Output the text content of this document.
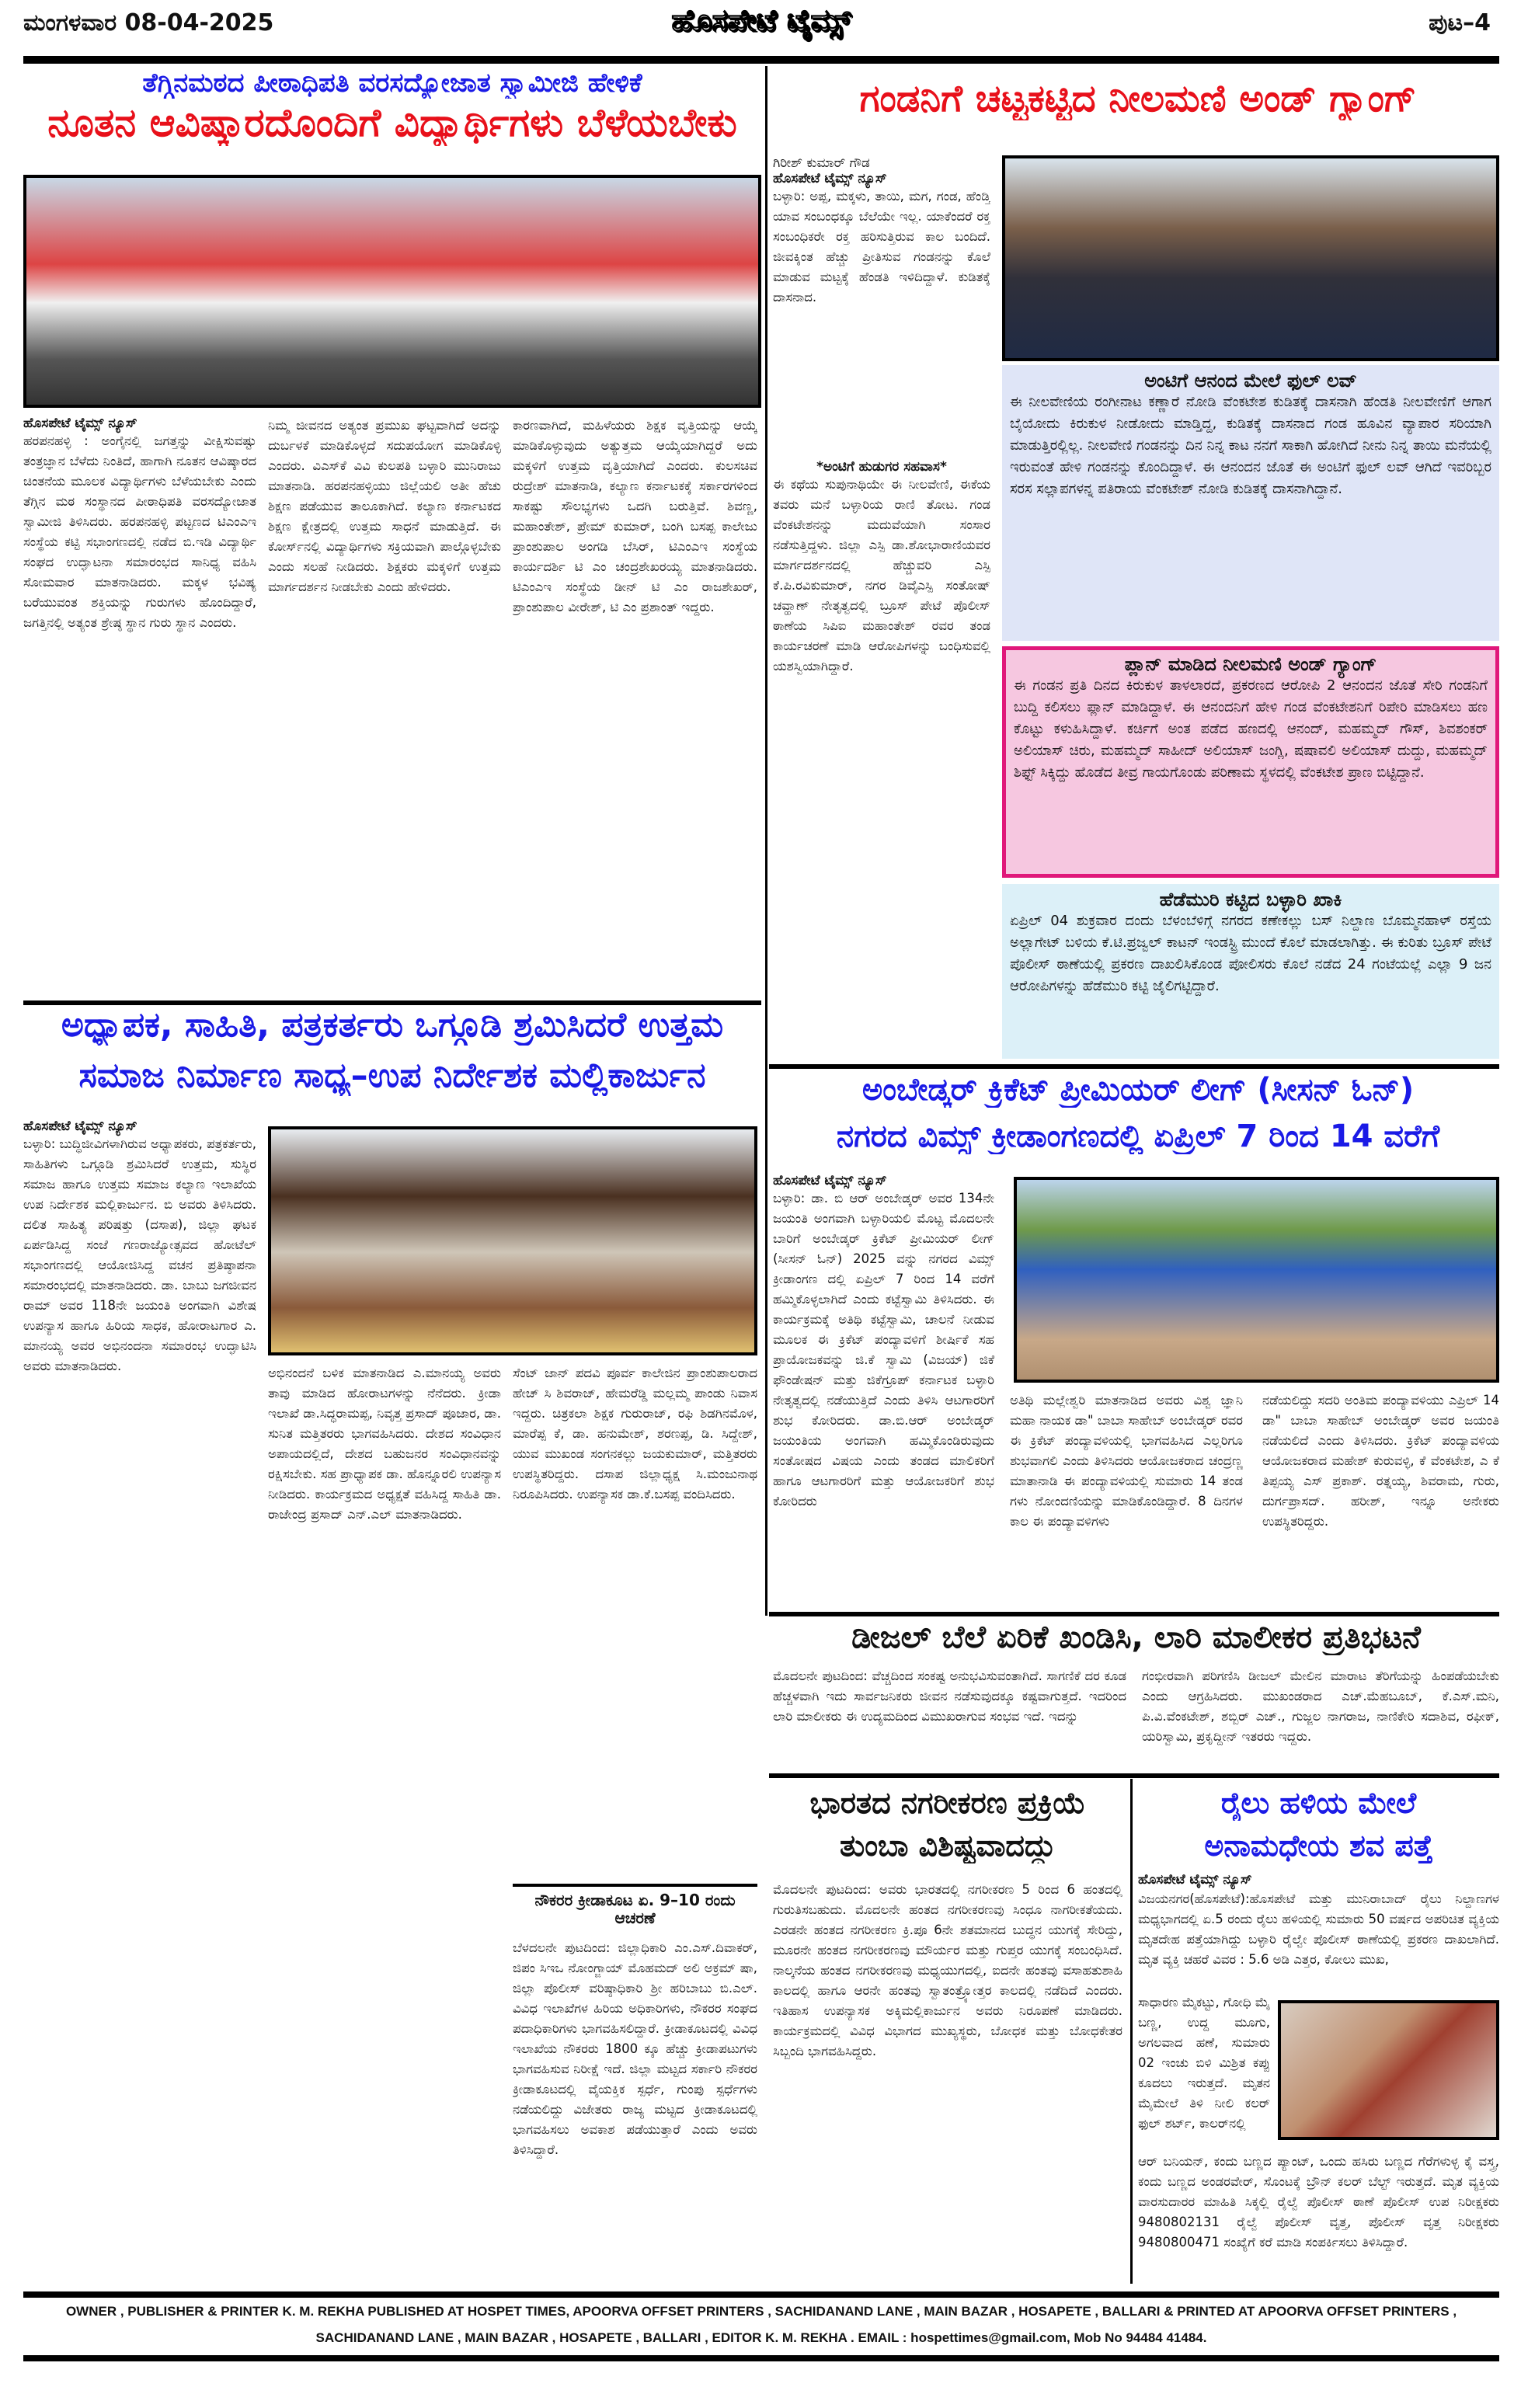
ಮಂಗಳವಾರ 08-04-2025	ಹೊಸಪೇಟೆ ಟೈಮ್ಸ್	ಪುಟ–4
ತೆಗ್ಗಿನಮಠದ ಪೀಠಾಧಿಪತಿ ವರಸದ್ಯೋಜಾತ ಸ್ವಾಮೀಜಿ ಹೇಳಿಕೆ
ನೂತನ ಆವಿಷ್ಕಾರದೊಂದಿಗೆ ವಿದ್ಯಾರ್ಥಿಗಳು ಬೆಳೆಯಬೇಕು
ಹೊಸಪೇಟೆ ಟೈಮ್ಸ್ ನ್ಯೂಸ್
ಹರಪನಹಳ್ಳಿ : ಅಂಗೈನಲ್ಲಿ ಜಗತ್ತನ್ನು ವೀಕ್ಷಿಸುವಷ್ಟು ತಂತ್ರಜ್ಞಾನ ಬೆಳೆದು ನಿಂತಿದೆ, ಹಾಗಾಗಿ ನೂತನ ಆವಿಷ್ಕಾರದ ಚಿಂತನೆಯ ಮೂಲಕ ವಿದ್ಯಾರ್ಥಿಗಳು ಬೆಳೆಯಬೇಕು ಎಂದು ತೆಗ್ಗಿನ ಮಠ ಸಂಸ್ಥಾನದ ಪೀಠಾಧಿಪತಿ ವರಸದ್ಯೋಜಾತ ಸ್ವಾಮೀಜಿ ತಿಳಿಸಿದರು. ಹರಪನಹಳ್ಳಿ ಪಟ್ಟಣದ ಟಿಎಂಎಇ ಸಂಸ್ಥೆಯ ಕಟ್ಟಿ ಸಭಾಂಗಣದಲ್ಲಿ ನಡೆದ ಬಿ.ಇಡಿ ವಿದ್ಯಾರ್ಥಿ ಸಂಘದ ಉದ್ಘಾಟನಾ ಸಮಾರಂಭದ ಸಾನಿಧ್ಯ ವಹಿಸಿ ಸೋಮವಾರ ಮಾತನಾಡಿದರು. ಮಕ್ಕಳ ಭವಿಷ್ಯ ಬರೆಯುವಂತ ಶಕ್ತಿಯನ್ನು ಗುರುಗಳು ಹೊಂದಿದ್ದಾರೆ, ಜಗತ್ತಿನಲ್ಲಿ ಅತ್ಯಂತ ಶ್ರೇಷ್ಠ ಸ್ಥಾನ ಗುರು ಸ್ಥಾನ ಎಂದರು.
ನಿಮ್ಮ ಜೀವನದ ಅತ್ಯಂತ ಪ್ರಮುಖ ಘಟ್ಟವಾಗಿದೆ ಅದನ್ನು ದುರ್ಬಳಕೆ ಮಾಡಿಕೊಳ್ಳದೆ ಸದುಪಯೋಗ ಮಾಡಿಕೊಳ್ಳಿ ಎಂದರು. ವಿಎಸ್‌ಕೆ ವಿವಿ ಕುಲಪತಿ ಬಳ್ಳಾರಿ ಮುನಿರಾಜು ಮಾತನಾಡಿ. ಹರಪನಹಳ್ಳಿಯು ಜಿಲ್ಲೆಯಲಿ ಅತೀ ಹೆಚು ಶಿಕ್ಷಣ ಪಡೆಯುವ ತಾಲೂಕಾಗಿದೆ. ಕಲ್ಯಾಣ ಕರ್ನಾಟಕದ ಶಿಕ್ಷಣ ಕ್ಷೇತ್ರದಲ್ಲಿ ಉತ್ತಮ ಸಾಧನೆ ಮಾಡುತ್ತಿದೆ. ಈ ಕೋರ್ಸ್‌ನಲ್ಲಿ ವಿದ್ಯಾರ್ಥಿಗಳು ಸಕ್ರಿಯವಾಗಿ ಪಾಲ್ಗೊಳ್ಳಬೇಕು ಎಂದು ಸಲಹೆ ನೀಡಿದರು. ಶಿಕ್ಷಕರು ಮಕ್ಕಳಿಗೆ ಉತ್ತಮ ಮಾರ್ಗದರ್ಶನ ನೀಡಬೇಕು ಎಂದು ಹೇಳಿದರು.
ಕಾರಣವಾಗಿದೆ, ಮಹಿಳೆಯರು ಶಿಕ್ಷಕ ವೃತ್ತಿಯನ್ನು ಆಯ್ಕೆ ಮಾಡಿಕೊಳ್ಳುವುದು ಅತ್ಯುತ್ತಮ ಆಯ್ಕೆಯಾಗಿದ್ದರೆ ಅದು ಮಕ್ಕಳಿಗೆ ಉತ್ತಮ ವೃತ್ತಿಯಾಗಿದೆ ಎಂದರು. ಕುಲಸಚಿವ ರುದ್ರೇಶ್ ಮಾತನಾಡಿ, ಕಲ್ಯಾಣ ಕರ್ನಾಟಕಕ್ಕೆ ಸರ್ಕಾರಗಳಿಂದ ಸಾಕಷ್ಟು ಸೌಲಭ್ಯಗಳು ಒದಗಿ ಬರುತ್ತಿವೆ. ಶಿವಣ್ಣ, ಮಹಾಂತೇಶ್, ಪ್ರೇಮ್ ಕುಮಾರ್, ಬಂಗಿ ಬಸಪ್ಪ ಕಾಲೇಜು ಪ್ರಾಂಶುಪಾಲ ಅಂಗಡಿ ಬೆಸಿರ್, ಟಿಎಂಎಇ ಸಂಸ್ಥೆಯ ಕಾರ್ಯದರ್ಶಿ ಟಿ ಎಂ ಚಂದ್ರಶೇಖರಯ್ಯ ಮಾತನಾಡಿದರು. ಟಿಎಂಎಇ ಸಂಸ್ಥೆಯ ಡೀನ್ ಟಿ ಎಂ ರಾಜಶೇಖರ್, ಪ್ರಾಂಶುಪಾಲ ವೀರೇಶ್, ಟಿ ಎಂ ಪ್ರಶಾಂತ್ ಇದ್ದರು.
ಗಂಡನಿಗೆ ಚಟ್ಟಕಟ್ಟಿದ ನೀಲಮಣಿ ಅಂಡ್ ಗ್ಯಾಂಗ್
ಗಿರೀಶ್ ಕುಮಾರ್ ಗೌಡ
ಹೊಸಪೇಟೆ ಟೈಮ್ಸ್ ನ್ಯೂಸ್
ಬಳ್ಳಾರಿ: ಅಪ್ಪ, ಮಕ್ಕಳು, ತಾಯಿ, ಮಗ, ಗಂಡ, ಹೆಂಡ್ತಿ ಯಾವ ಸಂಬಂಧಕ್ಕೂ ಬೆಲೆಯೇ ಇಲ್ಲ. ಯಾಕೆಂದರೆ ರಕ್ತ ಸಂಬಂಧಿಕರೇ ರಕ್ತ ಹರಿಸುತ್ತಿರುವ ಕಾಲ ಬಂದಿದೆ. ಜೀವಕ್ಕಿಂತ ಹೆಚ್ಚು ಪ್ರೀತಿಸುವ ಗಂಡನನ್ನು ಕೊಲೆ ಮಾಡುವ ಮಟ್ಟಕ್ಕೆ ಹೆಂಡತಿ ಇಳಿದಿದ್ದಾಳೆ. ಕುಡಿತಕ್ಕೆ ದಾಸನಾದ.
*ಅಂಟಿಗೆ ಹುಡುಗರ ಸಹವಾಸ*
ಈ ಕಥೆಯ ಸುಪುನಾಥಿಯೇ ಈ ನೀಲವೇಣಿ, ಈಕೆಯ ತವರು ಮನೆ ಬಳ್ಳಾರಿಯ ರಾಣಿ ತೋಟ. ಗಂಡ ವೆಂಕಟೇಶನನ್ನು ಮದುವೆಯಾಗಿ ಸಂಸಾರ ನಡೆಸುತ್ತಿದ್ದಳು. ಜಿಲ್ಲಾ ಎಸ್ಪಿ ಡಾ.ಶೋಭಾರಾಣಿಯವರ ಮಾರ್ಗದರ್ಶನದಲ್ಲಿ ಹೆಚ್ಚುವರಿ ಎಸ್ಪಿ ಕೆ.ಪಿ.ರವಿಕುಮಾರ್, ನಗರ ಡಿವೈಎಸ್ಪಿ ಸಂತೋಷ್ ಚವ್ಹಾಣ್ ನೇತೃತ್ವದಲ್ಲಿ ಬ್ರೂಸ್ ಪೇಟೆ ಪೊಲೀಸ್ ಠಾಣೆಯ ಸಿಪಿಐ ಮಹಾಂತೇಶ್ ರವರ ತಂಡ ಕಾರ್ಯಚರಣೆ ಮಾಡಿ ಆರೋಪಿಗಳನ್ನು ಬಂಧಿಸುವಲ್ಲಿ ಯಶಸ್ವಿಯಾಗಿದ್ದಾರೆ.
ಅಂಟಿಗೆ ಆನಂದ ಮೇಲೆ ಫುಲ್ ಲವ್
ಈ ನೀಲವೇಣಿಯ ರಂಗೀನಾಟ ಕಣ್ಣಾರೆ ನೋಡಿ ವೆಂಕಟೇಶ ಕುಡಿತಕ್ಕೆ ದಾಸನಾಗಿ ಹೆಂಡತಿ ನೀಲವೇಣಿಗೆ ಆಗಾಗ ಬೈಯೋದು ಕಿರುಕುಳ ನೀಡೋದು ಮಾಡ್ತಿದ್ದ, ಕುಡಿತಕ್ಕೆ ದಾಸನಾದ ಗಂಡ ಹೂವಿನ ವ್ಯಾಪಾರ ಸರಿಯಾಗಿ ಮಾಡುತ್ತಿರಲ್ಲಿಲ್ಲ. ನೀಲವೇಣಿ ಗಂಡನನ್ನು ದಿನ ನಿನ್ನ ಕಾಟ ನನಗೆ ಸಾಕಾಗಿ ಹೋಗಿದೆ ನೀನು ನಿನ್ನ ತಾಯಿ ಮನೆಯಲ್ಲಿ ಇರುವಂತೆ ಹೇಳಿ ಗಂಡನನ್ನು ಕೊಂದಿದ್ದಾಳೆ. ಈ ಆನಂದನ ಜೊತೆ ಈ ಅಂಟಿಗೆ ಫುಲ್ ಲವ್ ಆಗಿದೆ ಇವರಿಬ್ಬರ ಸರಸ ಸಲ್ಲಾಪಗಳನ್ನ ಪತಿರಾಯ ವೆಂಕಟೇಶ್ ನೋಡಿ ಕುಡಿತಕ್ಕೆ ದಾಸನಾಗಿದ್ದಾನೆ.
ಪ್ಲಾನ್ ಮಾಡಿದ ನೀಲಮಣಿ ಅಂಡ್ ಗ್ಯಾಂಗ್
ಈ ಗಂಡನ ಪ್ರತಿ ದಿನದ ಕಿರುಕುಳ ತಾಳಲಾರದೆ, ಪ್ರಕರಣದ ಆರೋಪಿ 2 ಆನಂದನ ಜೊತೆ ಸೇರಿ ಗಂಡನಿಗೆ ಬುದ್ದಿ ಕಲಿಸಲು ಪ್ಲಾನ್ ಮಾಡಿದ್ದಾಳೆ. ಈ ಆನಂದನಿಗೆ ಹೇಳಿ ಗಂಡ ವೆಂಕಟೇಶನಿಗೆ ರಿಪೇರಿ ಮಾಡಿಸಲು ಹಣ ಕೊಟ್ಟು ಕಳುಹಿಸಿದ್ದಾಳೆ. ಕರ್ಚಿಗೆ ಅಂತ ಪಡೆದ ಹಣದಲ್ಲಿ ಆನಂದ್, ಮಹಮ್ಮದ್ ಗೌಸ್, ಶಿವಶಂಕರ್ ಅಲಿಯಾಸ್ ಚಿರು, ಮಹಮ್ಮದ್ ಸಾಹೀದ್ ಅಲಿಯಾಸ್ ಜಂಗ್ಲಿ, ಷಷಾವಲಿ ಅಲಿಯಾಸ್ ದುದ್ದು, ಮಹಮ್ಮದ್ ಶಿಫ್ಟ್ ಸಿಕ್ಕಿದ್ದು ಹೊಡೆದ ತೀವ್ರ ಗಾಯಗೊಂಡು ಪರಿಣಾಮ ಸ್ಥಳದಲ್ಲಿ ವೆಂಕಟೇಶ ಪ್ರಾಣ ಬಿಟ್ಟಿದ್ದಾನೆ.
ಹೆಡೆಮುರಿ ಕಟ್ಟಿದ ಬಳ್ಳಾರಿ ಖಾಕಿ
ಏಪ್ರಿಲ್ 04 ಶುಕ್ರವಾರ ದಂದು ಬೆಳಂಬೆಳಿಗ್ಗೆ ನಗರದ ಕಣೇಕಲ್ಲು ಬಸ್ ನಿಲ್ದಾಣ ಬೊಮ್ಮನಹಾಳ್ ರಸ್ತೆಯ ಅಲ್ಲಾಗೇಟ್ ಬಳಿಯ ಕೆ.ಟಿ.ಪ್ರಜ್ವಲ್ ಕಾಟನ್ ಇಂಡಸ್ಟ್ರಿ ಮುಂದೆ ಕೊಲೆ ಮಾಡಲಾಗಿತ್ತು. ಈ ಕುರಿತು ಬ್ರೂಸ್ ಪೇಟೆ ಪೊಲೀಸ್ ಠಾಣೆಯಲ್ಲಿ ಪ್ರಕರಣ ದಾಖಲಿಸಿಕೊಂಡ ಪೋಲಿಸರು ಕೊಲೆ ನಡೆದ 24 ಗಂಟೆಯಲ್ಲೆ ಎಲ್ಲಾ 9 ಜನ ಆರೋಪಿಗಳನ್ನು ಹೆಡೆಮುರಿ ಕಟ್ಟಿ ಜೈಲಿಗಟ್ಟಿದ್ದಾರೆ.
ಅಂಬೇಡ್ಕರ್ ಕ್ರಿಕೆಟ್ ಪ್ರೀಮಿಯರ್ ಲೀಗ್ (ಸೀಸನ್ ಓನ್)
ನಗರದ ವಿಮ್ಸ್ ಕ್ರೀಡಾಂಗಣದಲ್ಲಿ ಏಪ್ರಿಲ್ 7 ರಿಂದ 14 ವರೆಗೆ
ಹೊಸಪೇಟೆ ಟೈಮ್ಸ್ ನ್ಯೂಸ್
ಬಳ್ಳಾರಿ: ಡಾ. ಬಿ ಆರ್ ಅಂಬೇಡ್ಕರ್ ಅವರ 134ನೇ ಜಯಂತಿ ಅಂಗವಾಗಿ ಬಳ್ಳಾರಿಯಲಿ ಮೊಟ್ಟ ಮೊದಲನೇ ಬಾರಿಗೆ ಅಂಬೇಡ್ಕರ್ ಕ್ರಿಕೆಟ್ ಪ್ರೀಮಿಯರ್ ಲೀಗ್ (ಸೀಸನ್ ಓನ್) 2025 ವನ್ನು ನಗರದ ವಿಮ್ಸ್ ಕ್ರೀಡಾಂಗಣ ದಲ್ಲಿ ಏಪ್ರಿಲ್ 7 ರಿಂದ 14 ವರೆಗೆ ಹಮ್ಮಿಕೊಳ್ಳಲಾಗಿದೆ ಎಂದು ಕಟ್ಟೆಸ್ವಾಮಿ ತಿಳಿಸಿದರು. ಈ ಕಾರ್ಯಕ್ರಮಕ್ಕೆ ಅತಿಥಿ ಕಟ್ಟೆಸ್ವಾಮಿ, ಚಾಲನೆ ನೀಡುವ ಮೂಲಕ ಈ ಕ್ರಿಕೆಟ್ ಪಂದ್ಯಾವಳಿಗೆ ಶೀರ್ಷಿಕೆ ಸಹ ಪ್ರಾಯೋಜಕವನ್ನು ಜಿ.ಕೆ ಸ್ವಾಮಿ (ವಿಜಯ್) ಜಿಕೆ ಫೌಂಡೇಷನ್ ಮತ್ತು ಜಿಕೆಗ್ರೂಪ್ ಕರ್ನಾಟಕ ಬಳ್ಳಾರಿ ನೇತೃತ್ವದಲ್ಲಿ ನಡೆಯುತ್ತಿದೆ ಎಂದು ತಿಳಿಸಿ ಆಟಗಾರರಿಗೆ ಶುಭ ಕೋರಿದರು. ಡಾ.ಬಿ.ಆರ್ ಅಂಬೇಡ್ಕರ್ ಜಯಂತಿಯ ಅಂಗವಾಗಿ ಹಮ್ಮಿಕೊಂಡಿರುವುದು ಸಂತೋಷದ ವಿಷಯ ಎಂದು ತಂಡದ ಮಾಲಿಕರಿಗೆ ಹಾಗೂ ಆಟಗಾರರಿಗೆ ಮತ್ತು ಆಯೋಜಕರಿಗೆ ಶುಭ ಕೋರಿದರು
ಅತಿಥಿ ಮಲ್ಲೇಶ್ವರಿ ಮಾತನಾಡಿದ ಅವರು ವಿಶ್ವ ಜ್ಞಾನಿ ಮಹಾ ನಾಯಕ ಡಾ" ಬಾಬಾ ಸಾಹೇಬ್ ಅಂಬೇಡ್ಕರ್ ರವರ ಈ ಕ್ರಿಕೆಟ್ ಪಂದ್ಯಾವಳಿಯಲ್ಲಿ ಭಾಗವಹಿಸಿದ ಎಲ್ಲರಿಗೂ ಶುಭವಾಗಲಿ ಎಂದು ತಿಳಿಸಿದರು ಆಯೋಜಕರಾದ ಚಂದ್ರಣ್ಣ ಮಾತಾನಾಡಿ ಈ ಪಂದ್ಯಾವಳಿಯಲ್ಲಿ ಸುಮಾರು 14 ತಂಡ ಗಳು ನೋಂದಣಿಯನ್ನು ಮಾಡಿಕೊಂಡಿದ್ದಾರೆ. 8 ದಿನಗಳ ಕಾಲ ಈ ಪಂದ್ಯಾವಳಿಗಳು
ನಡೆಯಲಿದ್ದು ಸದರಿ ಅಂತಿಮ ಪಂದ್ಯಾವಳಿಯು ಎಪ್ರಿಲ್ 14 ಡಾ" ಬಾಬಾ ಸಾಹೇಬ್ ಅಂಬೇಡ್ಕರ್ ಅವರ ಜಯಂತಿ ನಡೆಯಲಿದೆ ಎಂದು ತಿಳಿಸಿದರು. ಕ್ರಿಕೆಟ್ ಪಂದ್ಯಾವಳಿಯ ಆಯೋಜಕರಾದ ಮಹೇಶ್ ಕುರುವಳ್ಳಿ, ಕೆ ವೆಂಕಟೇಶ, ಎ ಕೆ ತಿಪ್ಪಯ್ಯ ಎಸ್ ಪ್ರಕಾಶ್. ರತ್ನಯ್ಯ, ಶಿವರಾಮ, ಗುರು, ದುರ್ಗಪ್ರಾಸದ್. ಹರೀಶ್, ಇನ್ನೂ ಅನೇಕರು ಉಪಸ್ಥಿತರಿದ್ದರು.
ಅಧ್ಯಾಪಕ, ಸಾಹಿತಿ, ಪತ್ರಕರ್ತರು ಒಗ್ಗೂಡಿ ಶ್ರಮಿಸಿದರೆ ಉತ್ತಮ
ಸಮಾಜ ನಿರ್ಮಾಣ ಸಾಧ್ಯ–ಉಪ ನಿರ್ದೇಶಕ ಮಲ್ಲಿಕಾರ್ಜುನ
ಹೊಸಪೇಟೆ ಟೈಮ್ಸ್ ನ್ಯೂಸ್
ಬಳ್ಳಾರಿ: ಬುದ್ಧಿಜೀವಿಗಳಾಗಿರುವ ಅಧ್ಯಾಪಕರು, ಪತ್ರಕರ್ತರು, ಸಾಹಿತಿಗಳು ಒಗ್ಗೂಡಿ ಶ್ರಮಿಸಿದರೆ ಉತ್ತಮ, ಸುಸ್ಥಿರ ಸಮಾಜ ಹಾಗೂ ಉತ್ತಮ ಸಮಾಜ ಕಲ್ಯಾಣ ಇಲಾಖೆಯ ಉಪ ನಿರ್ದೇಶಕ ಮಲ್ಲಿಕಾರ್ಜುನ. ಬಿ ಅವರು ತಿಳಿಸಿದರು. ದಲಿತ ಸಾಹಿತ್ಯ ಪರಿಷತ್ತು (ದಸಾಪ), ಜಿಲ್ಲಾ ಘಟಕ ಏರ್ಪಡಿಸಿದ್ದ ಸಂಜೆ ಗಣರಾಜ್ಯೋತ್ಸವದ ಹೋಟೆಲ್ ಸಭಾಂಗಣದಲ್ಲಿ ಆಯೋಜಿಸಿದ್ದ ವಚನ ಪ್ರತಿಷ್ಠಾಪನಾ ಸಮಾರಂಭದಲ್ಲಿ ಮಾತನಾಡಿದರು. ಡಾ. ಬಾಬು ಜಗಜೀವನ ರಾಮ್ ಅವರ 118ನೇ ಜಯಂತಿ ಅಂಗವಾಗಿ ವಿಶೇಷ ಉಪನ್ಯಾಸ ಹಾಗೂ ಹಿರಿಯ ಸಾಧಕ, ಹೋರಾಟಗಾರ ಎ. ಮಾನಯ್ಯ ಅವರ ಅಭಿನಂದನಾ ಸಮಾರಂಭ ಉದ್ಘಾಟಿಸಿ ಅವರು ಮಾತನಾಡಿದರು.	ಅಭಿನಂದನೆ ಬಳಿಕ ಮಾತನಾಡಿದ ಎ.ಮಾನಯ್ಯ ಅವರು ತಾವು ಮಾಡಿದ ಹೋರಾಟಗಳನ್ನು ನೆನೆದರು. ಕ್ರೀಡಾ ಇಲಾಖೆ ಡಾ.ಸಿದ್ಧರಾಮಪ್ಪ, ನಿವೃತ್ತ ಪ್ರಸಾದ್ ಪೂಜಾರ, ಡಾ. ಸುನಿತ ಮತ್ತಿತರರು ಭಾಗವಹಿಸಿದರು. ದೇಶದ ಸಂವಿಧಾನ ಅಪಾಯದಲ್ಲಿದೆ, ದೇಶದ ಬಹುಜನರ ಸಂವಿಧಾನವನ್ನು ರಕ್ಷಿಸಬೇಕು. ಸಹ ಪ್ರಾಧ್ಯಾಪಕ ಡಾ. ಹೊನ್ನೂರಲಿ ಉಪನ್ಯಾಸ ನೀಡಿದರು. ಕಾರ್ಯಕ್ರಮದ ಅಧ್ಯಕ್ಷತೆ ವಹಿಸಿದ್ದ ಸಾಹಿತಿ ಡಾ. ರಾಜೇಂದ್ರ ಪ್ರಸಾದ್ ಎನ್.ಎಲ್ ಮಾತನಾಡಿದರು.
ಸೆಂಟ್ ಜಾನ್ ಪದವಿ ಪೂರ್ವ ಕಾಲೇಜಿನ ಪ್ರಾಂಶುಪಾಲರಾದ ಹೇಚ್ ಸಿ ಶಿವರಾಜ್, ಹೇಮರೆಡ್ಡಿ ಮಲ್ಲಮ್ಮ ಪಾಂಡು ನಿವಾಸ ಇದ್ದರು. ಚಿತ್ರಕಲಾ ಶಿಕ್ಷಕ ಗುರುರಾಜ್, ರಫಿ ಶಿಡಗಿನಮೊಳ, ಮಾರೆಪ್ಪ ಕೆ, ಡಾ. ಹನುಮೇಶ್, ಶರಣಪ್ಪ, ಡಿ. ಸಿದ್ದೇಶ್, ಯುವ ಮುಖಂಡ ಸಂಗನಕಲ್ಲು ಜಯಕುಮಾರ್, ಮತ್ತಿತರರು ಉಪಸ್ಥಿತರಿದ್ದರು. ದಸಾಪ ಜಿಲ್ಲಾಧ್ಯಕ್ಷ ಸಿ.ಮಂಜುನಾಥ ನಿರೂಪಿಸಿದರು. ಉಪನ್ಯಾಸಕ ಡಾ.ಕೆ.ಬಸಪ್ಪ ವಂದಿಸಿದರು.
ನೌಕರರ ಕ್ರೀಡಾಕೂಟ ಏ. 9–10 ರಂದು ಆಚರಣೆ
ಬೆಳದಲನೇ ಪುಟದಿಂದ: ಜಿಲ್ಲಾಧಿಕಾರಿ ಎಂ.ಎಸ್.ದಿವಾಕರ್, ಜಿಪಂ ಸಿಇಒ ನೋಂಗ್ಜಾಯ್ ಮೊಹಮದ್ ಅಲಿ ಅಕ್ರಮ್ ಷಾ, ಜಿಲ್ಲಾ ಪೊಲೀಸ್ ವರಿಷ್ಠಾಧಿಕಾರಿ ಶ್ರೀ ಹರಿಬಾಬು ಬಿ.ಎಲ್. ವಿವಿಧ ಇಲಾಖೆಗಳ ಹಿರಿಯ ಅಧಿಕಾರಿಗಳು, ನೌಕರರ ಸಂಘದ ಪದಾಧಿಕಾರಿಗಳು ಭಾಗವಹಿಸಲಿದ್ದಾರೆ. ಕ್ರೀಡಾಕೂಟದಲ್ಲಿ ವಿವಿಧ ಇಲಾಖೆಯ ನೌಕರರು 1800 ಕ್ಕೂ ಹೆಚ್ಚು ಕ್ರೀಡಾಪಟುಗಳು ಭಾಗವಹಿಸುವ ನಿರೀಕ್ಷೆ ಇದೆ. ಜಿಲ್ಲಾ ಮಟ್ಟದ ಸರ್ಕಾರಿ ನೌಕರರ ಕ್ರೀಡಾಕೂಟದಲ್ಲಿ ವೈಯಕ್ತಿಕ ಸ್ಪರ್ಧೆ, ಗುಂಪು ಸ್ಪರ್ಧೆಗಳು ನಡೆಯಲಿದ್ದು ವಿಜೇತರು ರಾಜ್ಯ ಮಟ್ಟದ ಕ್ರೀಡಾಕೂಟದಲ್ಲಿ ಭಾಗವಹಿಸಲು ಅವಕಾಶ ಪಡೆಯುತ್ತಾರೆ ಎಂದು ಅವರು ತಿಳಿಸಿದ್ದಾರೆ.
ಡೀಜಲ್ ಬೆಲೆ ಏರಿಕೆ ಖಂಡಿಸಿ, ಲಾರಿ ಮಾಲೀಕರ ಪ್ರತಿಭಟನೆ
ಮೊದಲನೇ ಪುಟದಿಂದ: ವೆಚ್ಚದಿಂದ ಸಂಕಷ್ಟ ಅನುಭವಿಸುವಂತಾಗಿದೆ. ಸಾಗಣಿಕೆ ದರ ಕೂಡ ಹೆಚ್ಚಳವಾಗಿ ಇದು ಸಾರ್ವಜನಿಕರು ಜೀವನ ನಡೆಸುವುದಕ್ಕೂ ಕಷ್ಟವಾಗುತ್ತದೆ. ಇದರಿಂದ ಲಾರಿ ಮಾಲೀಕರು ಈ ಉದ್ಯಮದಿಂದ ವಿಮುಖರಾಗುವ ಸಂಭವ ಇದೆ. ಇದನ್ನು
ಗಂಭೀರವಾಗಿ ಪರಿಗಣಿಸಿ ಡೀಜಲ್ ಮೇಲಿನ ಮಾರಾಟ ತೆರಿಗೆಯನ್ನು ಹಿಂಪಡೆಯಬೇಕು ಎಂದು ಆಗ್ರಹಿಸಿದರು. ಮುಖಂಡರಾದ ಎಚ್.ಮೆಹಬೂಬ್, ಕೆ.ಎಸ್.ಮನಿ, ಪಿ.ವಿ.ವೆಂಕಟೇಶ್, ಶಬ್ಬಿರ್ ಎಚ್., ಗುಜ್ಜಲ ನಾಗರಾಜ, ನಾಣಿಕೇರಿ ಸದಾಶಿವ, ರಫೀಕ್, ಯರಿಸ್ವಾಮಿ, ಪ್ರಕೃದ್ದೀನ್ ಇತರರು ಇದ್ದರು.
ಭಾರತದ ನಗರೀಕರಣ ಪ್ರಕ್ರಿಯೆ
ತುಂಬಾ ವಿಶಿಷ್ಟವಾದದ್ದು
ಮೊದಲನೇ ಪುಟದಿಂದ: ಅವರು ಭಾರತದಲ್ಲಿ ನಗರೀಕರಣ 5 ರಿಂದ 6 ಹಂತದಲ್ಲಿ ಗುರುತಿಸಬಹುದು. ಮೊದಲನೇ ಹಂತದ ನಗರೀಕರಣವು ಸಿಂಧೂ ನಾಗರೀಕತೆಯದು. ಎರಡನೇ ಹಂತದ ನಗರೀಕರಣ ಕ್ರಿ.ಪೂ 6ನೇ ಶತಮಾನದ ಬುದ್ಧನ ಯುಗಕ್ಕೆ ಸೇರಿದ್ದು, ಮೂರನೇ ಹಂತದ ನಗರೀಕರಣವು ಮೌರ್ಯರ ಮತ್ತು ಗುಪ್ತರ ಯುಗಕ್ಕೆ ಸಂಬಂಧಿಸಿದೆ. ನಾಲ್ಕನೆಯ ಹಂತದ ನಗರೀಕರಣವು ಮಧ್ಯಯುಗದಲ್ಲಿ, ಐದನೇ ಹಂತವು ವಸಾಹತುಶಾಹಿ ಕಾಲದಲ್ಲಿ ಹಾಗೂ ಆರನೇ ಹಂತವು ಸ್ವಾತಂತ್ರ್ಯೋತ್ತರ ಕಾಲದಲ್ಲಿ ನಡೆದಿದೆ ಎಂದರು. ಇತಿಹಾಸ ಉಪನ್ಯಾಸಕ ಅಕ್ಕಿಮಲ್ಲಿಕಾರ್ಜುನ ಅವರು ನಿರೂಪಣೆ ಮಾಡಿದರು. ಕಾರ್ಯಕ್ರಮದಲ್ಲಿ ವಿವಿಧ ವಿಭಾಗದ ಮುಖ್ಯಸ್ಥರು, ಬೋಧಕ ಮತ್ತು ಬೋಧಕೇತರ ಸಿಬ್ಬಂದಿ ಭಾಗವಹಿಸಿದ್ದರು.
ರೈಲು ಹಳಿಯ ಮೇಲೆ
ಅನಾಮಧೇಯ ಶವ ಪತ್ತೆ
ಹೊಸಪೇಟೆ ಟೈಮ್ಸ್ ನ್ಯೂಸ್
ವಿಜಯನಗರ(ಹೊಸಪೇಟೆ):ಹೊಸಪೇಟೆ ಮತ್ತು ಮುನಿರಾಬಾದ್ ರೈಲು ನಿಲ್ದಾಣಗಳ ಮಧ್ಯಭಾಗದಲ್ಲಿ ಏ.5 ರಂದು ರೈಲು ಹಳಿಯಲ್ಲಿ ಸುಮಾರು 50 ವರ್ಷದ ಅಪರಿಚಿತ ವ್ಯಕ್ತಿಯ ಮೃತದೇಹ ಪತ್ತೆಯಾಗಿದ್ದು ಬಳ್ಳಾರಿ ರೈಲ್ವೇ ಪೊಲೀಸ್ ಠಾಣೆಯಲ್ಲಿ ಪ್ರಕರಣ ದಾಖಲಾಗಿದೆ. ಮೃತ ವ್ಯಕ್ತಿ ಚಹರೆ ವಿವರ : 5.6 ಅಡಿ ಎತ್ತರ, ಕೋಲು ಮುಖ,
ಸಾಧಾರಣ ಮೈಕಟ್ಟು, ಗೋಧಿ ಮೈ ಬಣ್ಣ, ಉದ್ದ ಮೂಗು, ಅಗಲವಾದ ಹಣೆ, ಸುಮಾರು 02 ಇಂಚು ಬಿಳಿ ಮಿಶ್ರಿತ ಕಪ್ಪು ಕೂದಲು ಇರುತ್ತದೆ. ಮೃತನ ಮೈಮೇಲೆ ತಿಳಿ ನೀಲಿ ಕಲರ್ ಫುಲ್ ಶರ್ಟ್, ಕಾಲರ್‌ನಲ್ಲಿ
ಆರ್ ಬನಿಯನ್, ಕಂದು ಬಣ್ಣದ ಪ್ಯಾಂಟ್, ಒಂದು ಹಸಿರು ಬಣ್ಣದ ಗೆರೆಗಳುಳ್ಳ ಕೈ ವಸ್ತ್ರ, ಕಂದು ಬಣ್ಣದ ಅಂಡರವೇರ್, ಸೊಂಟಕ್ಕೆ ಬ್ರೌನ್ ಕಲರ್ ಬೆಲ್ಟ್ ಇರುತ್ತದೆ. ಮೃತ ವ್ಯಕ್ತಿಯ ವಾರಸುದಾರರ ಮಾಹಿತಿ ಸಿಕ್ಕಲ್ಲಿ ರೈಲ್ವೆ ಪೊಲೀಸ್ ಠಾಣೆ ಪೊಲೀಸ್ ಉಪ ನಿರೀಕ್ಷಕರು 9480802131 ರೈಲ್ವೆ ಪೊಲೀಸ್ ವೃತ್ತ, ಪೊಲೀಸ್ ವೃತ್ತ ನಿರೀಕ್ಷಕರು 9480800471 ಸಂಖ್ಯೆಗೆ ಕರೆ ಮಾಡಿ ಸಂಪರ್ಕಿಸಲು ತಿಳಿಸಿದ್ದಾರೆ.
OWNER , PUBLISHER & PRINTER K. M. REKHA PUBLISHED AT HOSPET TIMES, APOORVA OFFSET PRINTERS , SACHIDANAND LANE , MAIN BAZAR , HOSAPETE , BALLARI & PRINTED AT APOORVA OFFSET PRINTERS ,
SACHIDANAND LANE , MAIN BAZAR , HOSAPETE , BALLARI , EDITOR K. M. REKHA . EMAIL : hospettimes@gmail.com, Mob No 94484 41484.
